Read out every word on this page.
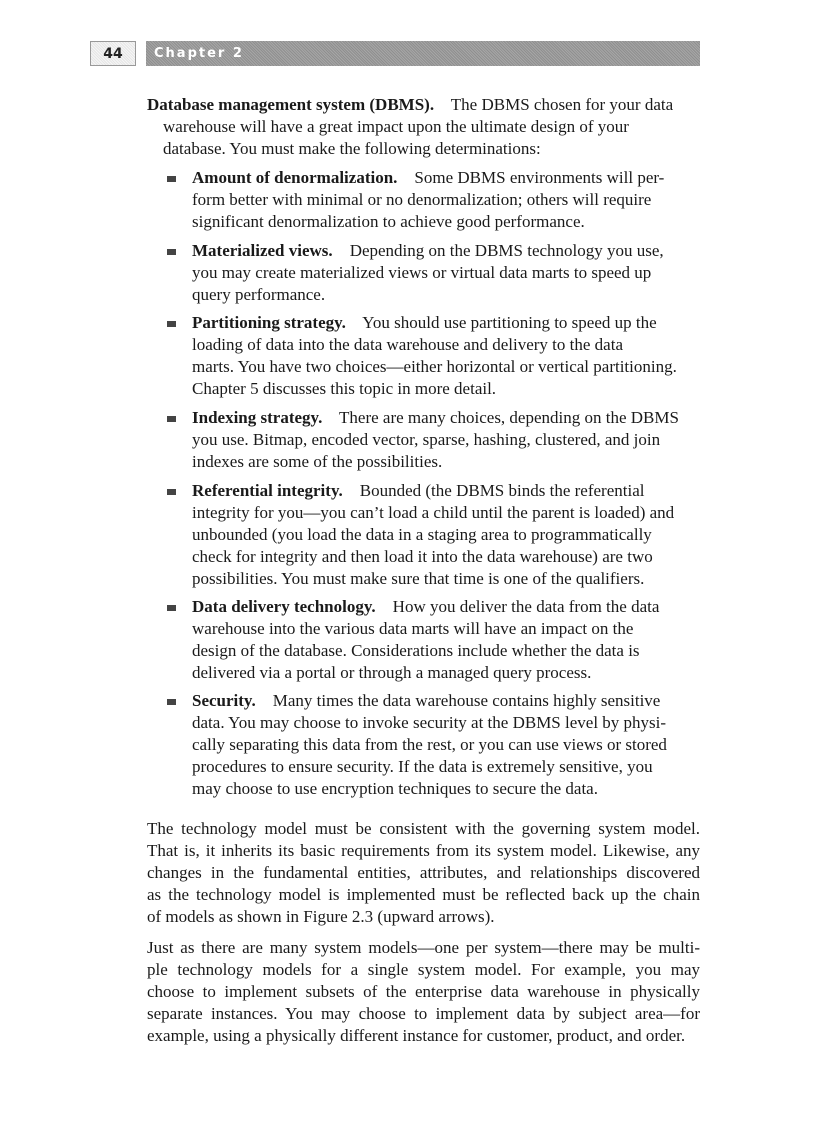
44	Chapter 2
Database management system (DBMS). The DBMS chosen for your data
warehouse will have a great impact upon the ultimate design of your
database. You must make the following determinations:
Amount of denormalization. Some DBMS environments will per-
form better with minimal or no denormalization; others will require
significant denormalization to achieve good performance.
Materialized views. Depending on the DBMS technology you use,
you may create materialized views or virtual data marts to speed up
query performance.
Partitioning strategy. You should use partitioning to speed up the
loading of data into the data warehouse and delivery to the data
marts. You have two choices—either horizontal or vertical partitioning.
Chapter 5 discusses this topic in more detail.
Indexing strategy. There are many choices, depending on the DBMS
you use. Bitmap, encoded vector, sparse, hashing, clustered, and join
indexes are some of the possibilities.
Referential integrity. Bounded (the DBMS binds the referential
integrity for you—you can’t load a child until the parent is loaded) and
unbounded (you load the data in a staging area to programmatically
check for integrity and then load it into the data warehouse) are two
possibilities. You must make sure that time is one of the qualifiers.
Data delivery technology. How you deliver the data from the data
warehouse into the various data marts will have an impact on the
design of the database. Considerations include whether the data is
delivered via a portal or through a managed query process.
Security. Many times the data warehouse contains highly sensitive
data. You may choose to invoke security at the DBMS level by physi-
cally separating this data from the rest, or you can use views or stored
procedures to ensure security. If the data is extremely sensitive, you
may choose to use encryption techniques to secure the data.
The technology model must be consistent with the governing system model.
That is, it inherits its basic requirements from its system model. Likewise, any
changes in the fundamental entities, attributes, and relationships discovered
as the technology model is implemented must be reflected back up the chain
of models as shown in Figure 2.3 (upward arrows).
Just as there are many system models—one per system—there may be multi-
ple technology models for a single system model. For example, you may
choose to implement subsets of the enterprise data warehouse in physically
separate instances. You may choose to implement data by subject area—for
example, using a physically different instance for customer, product, and order.
